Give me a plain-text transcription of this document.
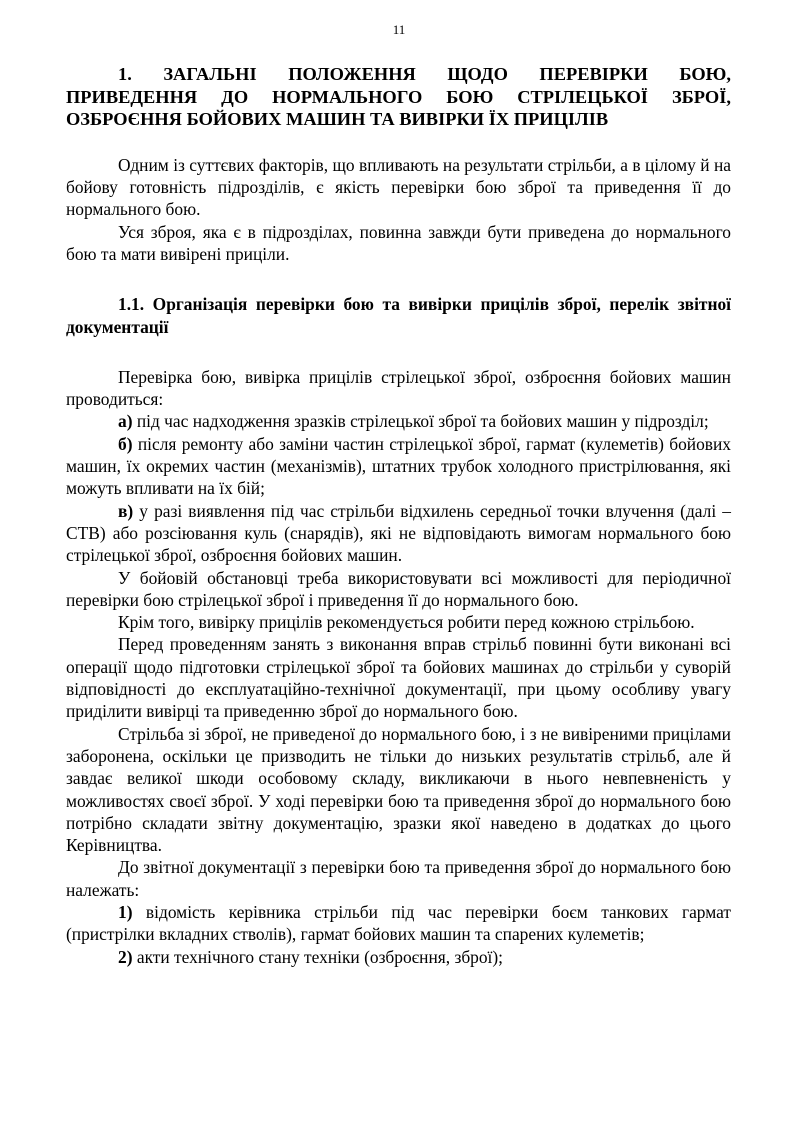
11
1. ЗАГАЛЬНІ ПОЛОЖЕННЯ ЩОДО ПЕРЕВІРКИ БОЮ, ПРИВЕДЕННЯ ДО НОРМАЛЬНОГО БОЮ СТРІЛЕЦЬКОЇ ЗБРОЇ, ОЗБРОЄННЯ БОЙОВИХ МАШИН ТА ВИВІРКИ ЇХ ПРИЦІЛІВ

Одним із суттєвих факторів, що впливають на результати стрільби, а в цілому й на бойову готовність підрозділів, є якість перевірки бою зброї та приведення її до нормального бою.

Уся зброя, яка є в підрозділах, повинна завжди бути приведена до нормального бою та мати вивірені приціли.

1.1. Організація перевірки бою та вивірки прицілів зброї, перелік звітної документації

Перевірка бою, вивірка прицілів стрілецької зброї, озброєння бойових машин проводиться:

а) під час надходження зразків стрілецької зброї та бойових машин у підрозділ;

б) після ремонту або заміни частин стрілецької зброї, гармат (кулеметів) бойових машин, їх окремих частин (механізмів), штатних трубок холодного пристрілювання, які можуть впливати на їх бій;

в) у разі виявлення під час стрільби відхилень середньої точки влучення (далі – СТВ) або розсіювання куль (снарядів), які не відповідають вимогам нормального бою стрілецької зброї, озброєння бойових машин.

У бойовій обстановці треба використовувати всі можливості для періодичної перевірки бою стрілецької зброї і приведення її до нормального бою.

Крім того, вивірку прицілів рекомендується робити перед кожною стрільбою.

Перед проведенням занять з виконання вправ стрільб повинні бути виконані всі операції щодо підготовки стрілецької зброї та бойових машинах до стрільби у суворій відповідності до експлуатаційно-технічної документації, при цьому особливу увагу приділити вивірці та приведенню зброї до нормального бою.

Стрільба зі зброї, не приведеної до нормального бою, і з не вивіреними прицілами заборонена, оскільки це призводить не тільки до низьких результатів стрільб, але й завдає великої шкоди особовому складу, викликаючи в нього невпевненість у можливостях своєї зброї. У ході перевірки бою та приведення зброї до нормального бою потрібно складати звітну документацію, зразки якої наведено в додатках до цього Керівництва.

До звітної документації з перевірки бою та приведення зброї до нормального бою належать:

1) відомість керівника стрільби під час перевірки боєм танкових гармат (пристрілки вкладних стволів), гармат бойових машин та спарених кулеметів;

2) акти технічного стану техніки (озброєння, зброї);
